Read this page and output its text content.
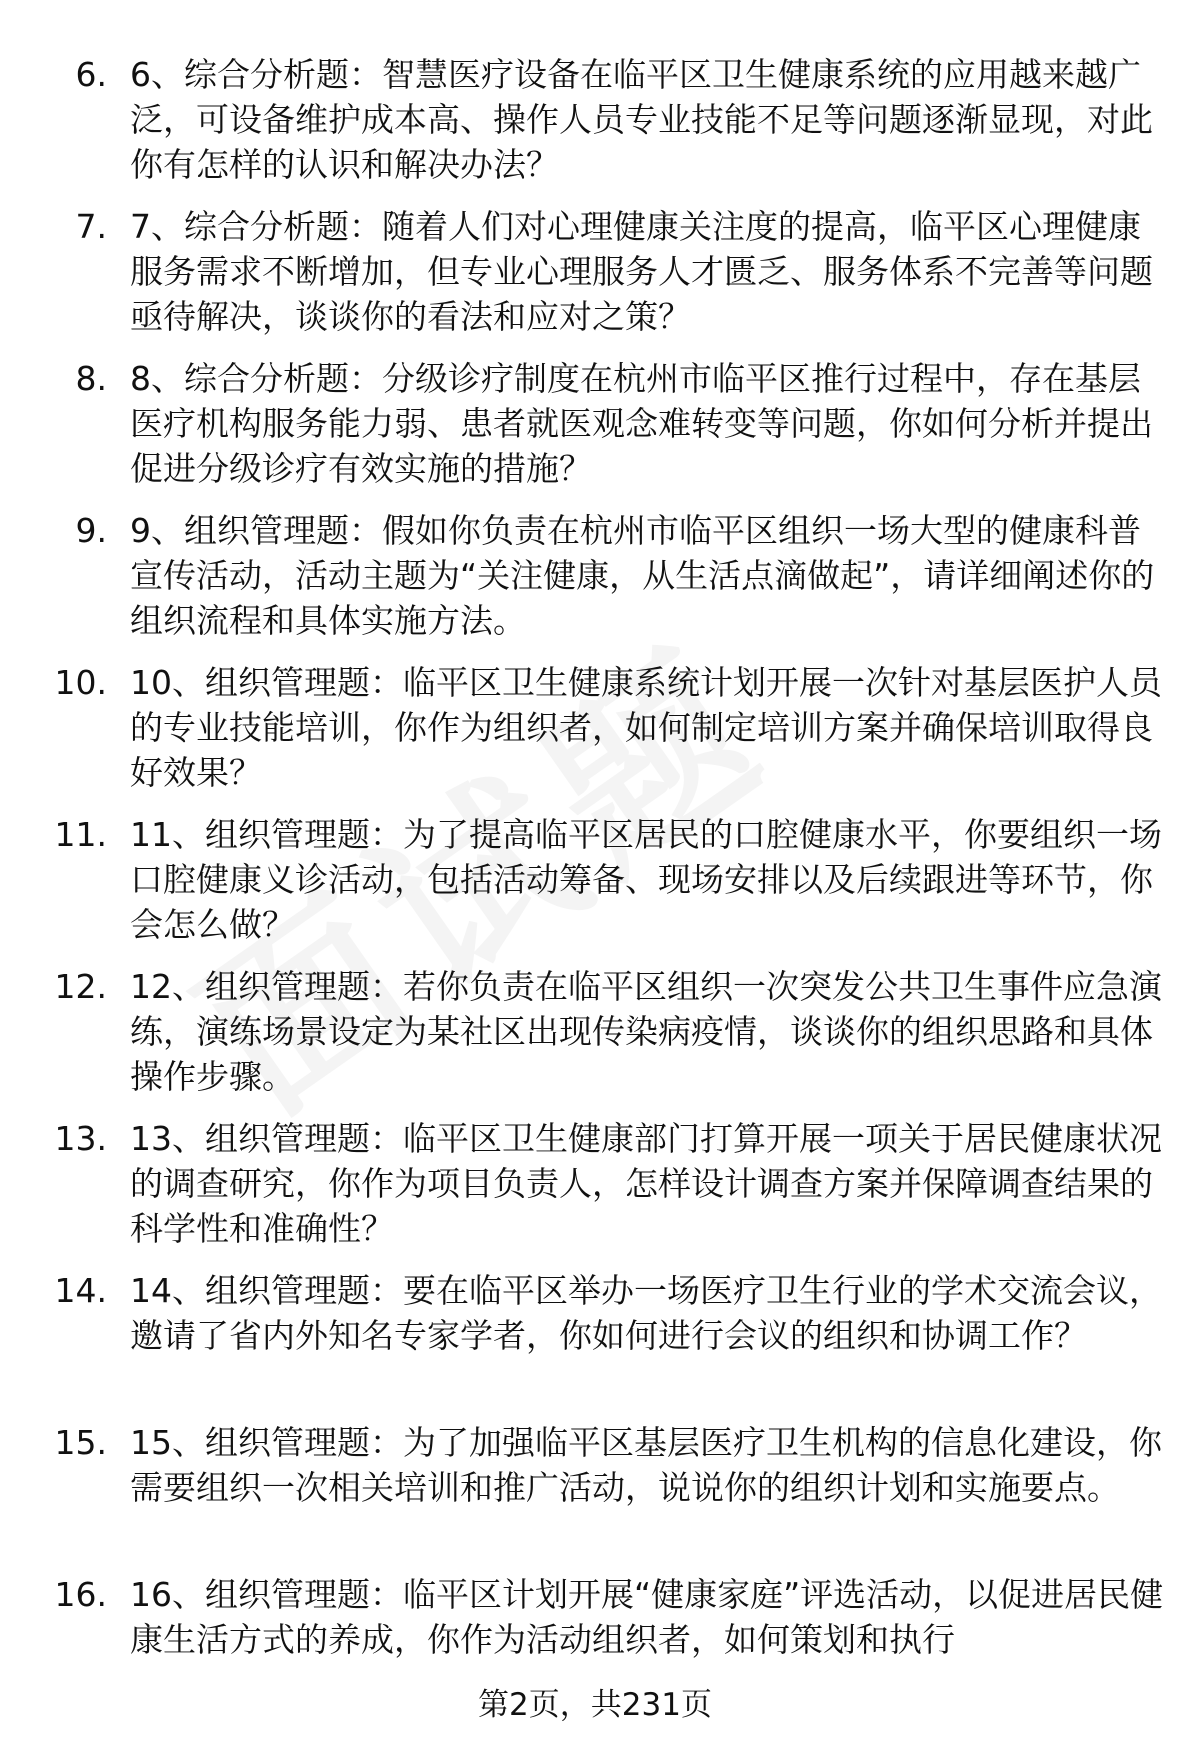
6. 6、综合分析题：智慧医疗设备在临平区卫生健康系统的应用越来越广泛，可设备维护成本高、操作人员专业技能不足等问题逐渐显现，对此你有怎样的认识和解决办法？
7. 7、综合分析题：随着人们对心理健康关注度的提高，临平区心理健康服务需求不断增加，但专业心理服务人才匮乏、服务体系不完善等问题亟待解决，谈谈你的看法和应对之策？
8. 8、综合分析题：分级诊疗制度在杭州市临平区推行过程中，存在基层医疗机构服务能力弱、患者就医观念难转变等问题，你如何分析并提出促进分级诊疗有效实施的措施？
9. 9、组织管理题：假如你负责在杭州市临平区组织一场大型的健康科普宣传活动，活动主题为“关注健康，从生活点滴做起”，请详细阐述你的组织流程和具体实施方法。
10. 10、组织管理题：临平区卫生健康系统计划开展一次针对基层医护人员的专业技能培训，你作为组织者，如何制定培训方案并确保培训取得良好效果？
11. 11、组织管理题：为了提高临平区居民的口腔健康水平，你要组织一场口腔健康义诊活动，包括活动筹备、现场安排以及后续跟进等环节，你会怎么做？
12. 12、组织管理题：若你负责在临平区组织一次突发公共卫生事件应急演练，演练场景设定为某社区出现传染病疫情，谈谈你的组织思路和具体操作步骤。
13. 13、组织管理题：临平区卫生健康部门打算开展一项关于居民健康状况的调查研究，你作为项目负责人，怎样设计调查方案并保障调查结果的科学性和准确性？
14. 14、组织管理题：要在临平区举办一场医疗卫生行业的学术交流会议，邀请了省内外知名专家学者，你如何进行会议的组织和协调工作？
15. 15、组织管理题：为了加强临平区基层医疗卫生机构的信息化建设，你需要组织一次相关培训和推广活动，说说你的组织计划和实施要点。
16. 16、组织管理题：临平区计划开展“健康家庭”评选活动，以促进居民健康生活方式的养成，你作为活动组织者，如何策划和执行
第2页，共231页
